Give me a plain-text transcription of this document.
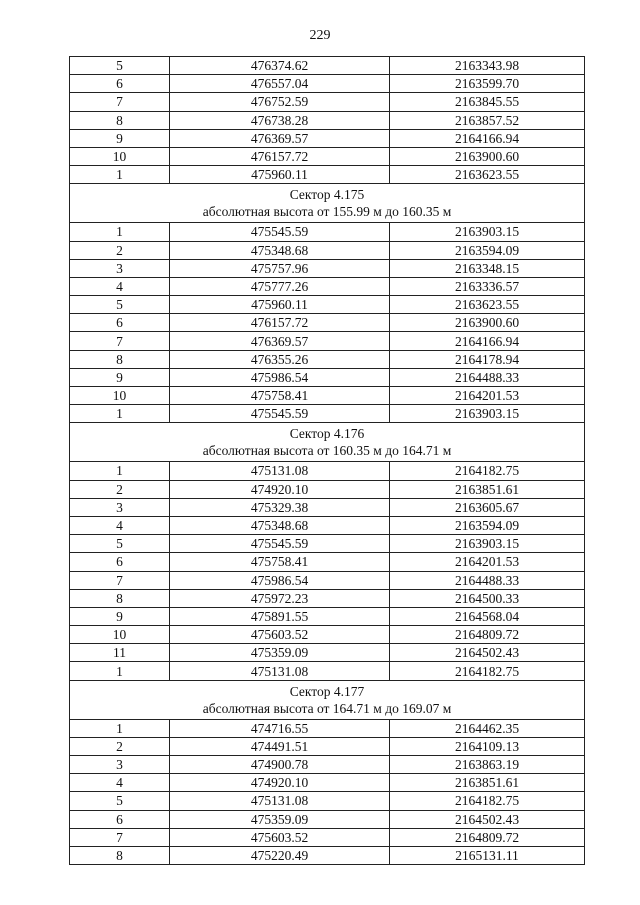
229
5	476374.62	2163343.98
6	476557.04	2163599.70
7	476752.59	2163845.55
8	476738.28	2163857.52
9	476369.57	2164166.94
10	476157.72	2163900.60
1	475960.11	2163623.55

Сектор 4.175
абсолютная высота от 155.99 м до 160.35 м		

1	475545.59	2163903.15
2	475348.68	2163594.09
3	475757.96	2163348.15
4	475777.26	2163336.57
5	475960.11	2163623.55
6	476157.72	2163900.60
7	476369.57	2164166.94
8	476355.26	2164178.94
9	475986.54	2164488.33
10	475758.41	2164201.53
1	475545.59	2163903.15

Сектор 4.176
абсолютная высота от 160.35 м до 164.71 м		

1	475131.08	2164182.75
2	474920.10	2163851.61
3	475329.38	2163605.67
4	475348.68	2163594.09
5	475545.59	2163903.15
6	475758.41	2164201.53
7	475986.54	2164488.33
8	475972.23	2164500.33
9	475891.55	2164568.04
10	475603.52	2164809.72
11	475359.09	2164502.43
1	475131.08	2164182.75

Сектор 4.177
абсолютная высота от 164.71 м до 169.07 м		

1	474716.55	2164462.35
2	474491.51	2164109.13
3	474900.78	2163863.19
4	474920.10	2163851.61
5	475131.08	2164182.75
6	475359.09	2164502.43
7	475603.52	2164809.72
8	475220.49	2165131.11
